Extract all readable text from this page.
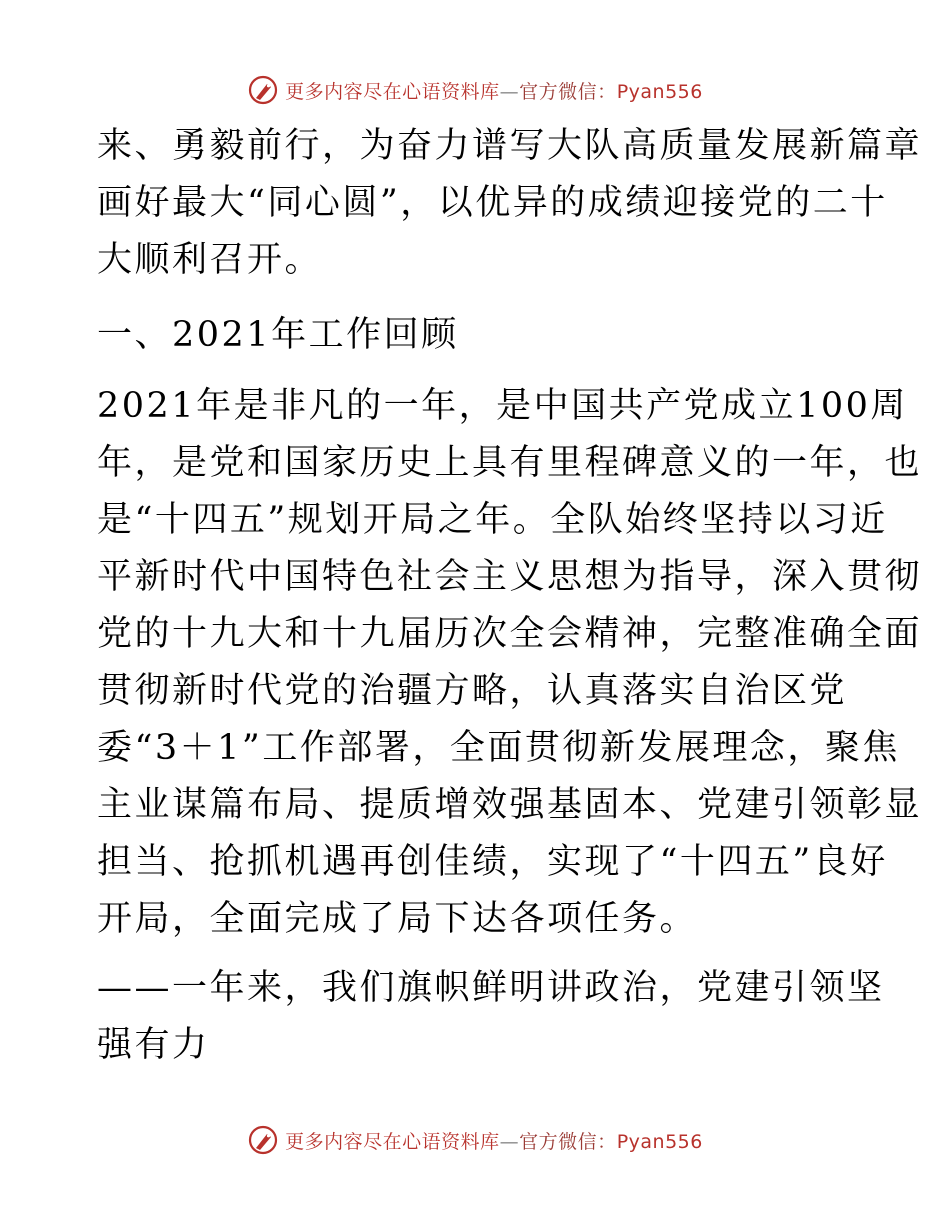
更多内容尽在心语资料库—官方微信：Pyan556

来、勇毅前行，为奋力谱写大队高质量发展新篇章

画好最大“同心圆”，以优异的成绩迎接党的二十

大顺利召开。

一、2021年工作回顾

2021年是非凡的一年，是中国共产党成立100周

年，是党和国家历史上具有里程碑意义的一年，也

是“十四五”规划开局之年。全队始终坚持以习近

平新时代中国特色社会主义思想为指导，深入贯彻

党的十九大和十九届历次全会精神，完整准确全面

贯彻新时代党的治疆方略，认真落实自治区党

委“3＋1”工作部署，全面贯彻新发展理念，聚焦

主业谋篇布局、提质增效强基固本、党建引领彰显

担当、抢抓机遇再创佳绩，实现了“十四五”良好

开局，全面完成了局下达各项任务。

——一年来，我们旗帜鲜明讲政治，党建引领坚

强有力

更多内容尽在心语资料库—官方微信：Pyan556
